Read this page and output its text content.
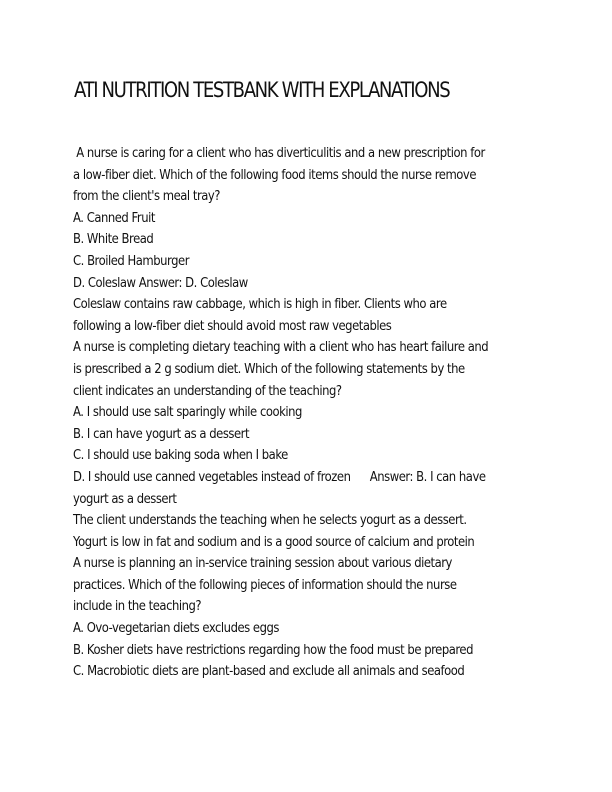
ATI NUTRITION TESTBANK WITH EXPLANATIONS
A nurse is caring for a client who has diverticulitis and a new prescription for
a low-fiber diet. Which of the following food items should the nurse remove
from the client's meal tray?
A. Canned Fruit
B. White Bread
C. Broiled Hamburger
D. Coleslaw Answer: D. Coleslaw
Coleslaw contains raw cabbage, which is high in fiber. Clients who are
following a low-fiber diet should avoid most raw vegetables
A nurse is completing dietary teaching with a client who has heart failure and
is prescribed a 2 g sodium diet. Which of the following statements by the
client indicates an understanding of the teaching?
A. I should use salt sparingly while cooking
B. I can have yogurt as a dessert
C. I should use baking soda when I bake
D. I should use canned vegetables instead of frozen      Answer: B. I can have
yogurt as a dessert
The client understands the teaching when he selects yogurt as a dessert.
Yogurt is low in fat and sodium and is a good source of calcium and protein
A nurse is planning an in-service training session about various dietary
practices. Which of the following pieces of information should the nurse
include in the teaching?
A. Ovo-vegetarian diets excludes eggs
B. Kosher diets have restrictions regarding how the food must be prepared
C. Macrobiotic diets are plant-based and exclude all animals and seafood
